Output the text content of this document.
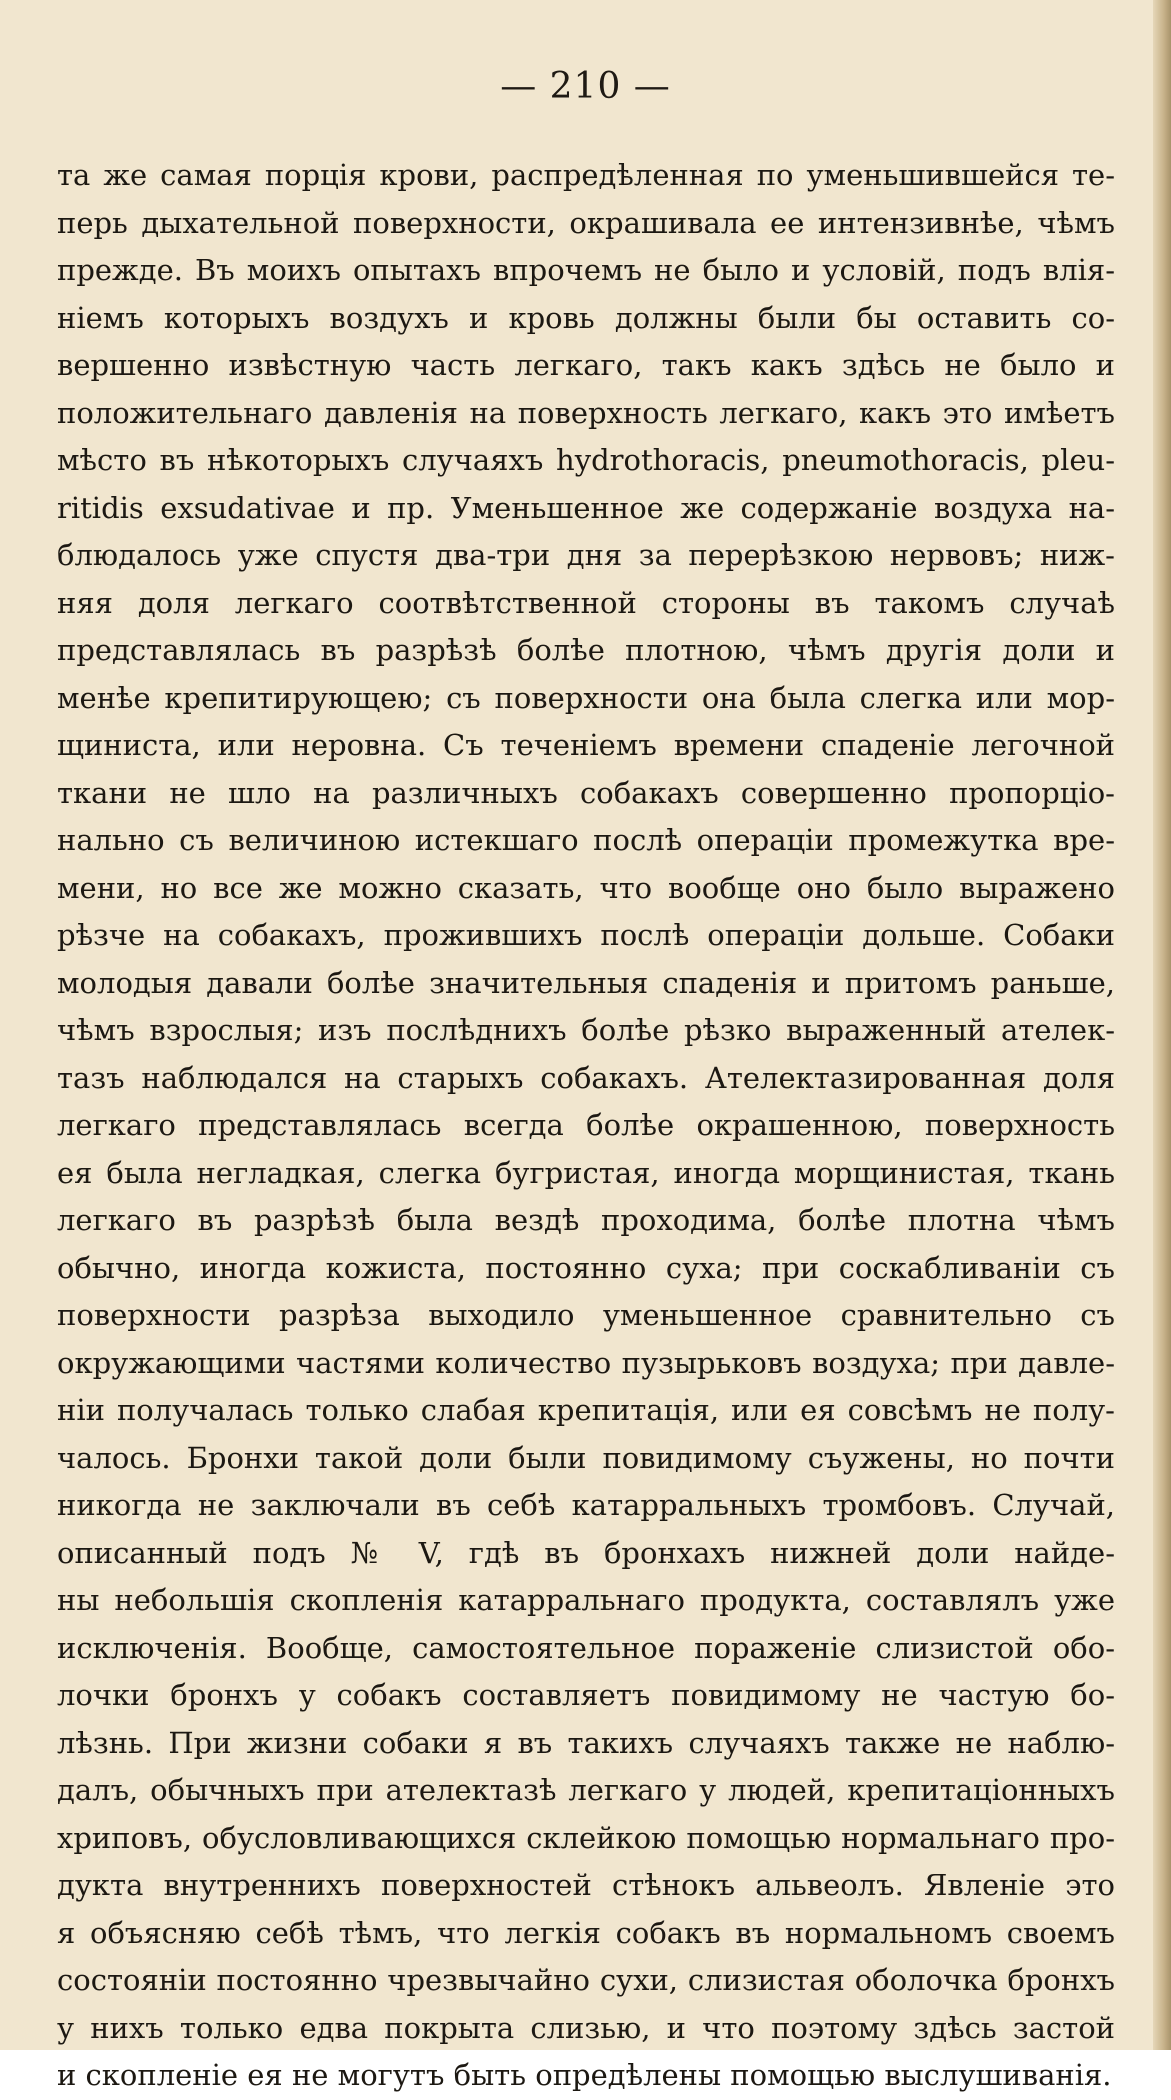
— 210 —
та же самая порція крови, распредѣленная по уменьшившейся те-
перь дыхательной поверхности, окрашивала ее интензивнѣе, чѣмъ
прежде. Въ моихъ опытахъ впрочемъ не было и условій, подъ влія-
ніемъ которыхъ воздухъ и кровь должны были бы оставить со-
вершенно извѣстную часть легкаго, такъ какъ здѣсь не было и
положительнаго давленія на поверхность легкаго, какъ это имѣетъ
мѣсто въ нѣкоторыхъ случаяхъ hydrothoracis, pneumothoracis, pleu-
ritidis exsudativae и пр. Уменьшенное же содержаніе воздуха на-
блюдалось уже спустя два-три дня за перерѣзкою нервовъ; ниж-
няя доля легкаго соотвѣтственной стороны въ такомъ случаѣ
представлялась въ разрѣзѣ болѣе плотною, чѣмъ другія доли и
менѣе крепитирующею; съ поверхности она была слегка или мор-
щиниста, или неровна. Съ теченіемъ времени спаденіе легочной
ткани не шло на различныхъ собакахъ совершенно пропорціо-
нально съ величиною истекшаго послѣ операціи промежутка вре-
мени, но все же можно сказать, что вообще оно было выражено
рѣзче на собакахъ, прожившихъ послѣ операціи дольше. Собаки
молодыя давали болѣе значительныя спаденія и притомъ раньше,
чѣмъ взрослыя; изъ послѣднихъ болѣе рѣзко выраженный ателек-
тазъ наблюдался на старыхъ собакахъ. Ателектазированная доля
легкаго представлялась всегда болѣе окрашенною, поверхность
ея была негладкая, слегка бугристая, иногда морщинистая, ткань
легкаго въ разрѣзѣ была вездѣ проходима, болѣе плотна чѣмъ
обычно, иногда кожиста, постоянно суха; при соскабливаніи съ
поверхности разрѣза выходило уменьшенное сравнительно съ
окружающими частями количество пузырьковъ воздуха; при давле-
ніи получалась только слабая крепитація, или ея совсѣмъ не полу-
чалось. Бронхи такой доли были повидимому съужены, но почти
никогда не заключали въ себѣ катарральныхъ тромбовъ. Случай,
описанный подъ № V, гдѣ въ бронхахъ нижней доли найде-
ны небольшія скопленія катарральнаго продукта, составлялъ уже
исключенія. Вообще, самостоятельное пораженіе слизистой обо-
лочки бронхъ у собакъ составляетъ повидимому не частую бо-
лѣзнь. При жизни собаки я въ такихъ случаяхъ также не наблю-
далъ, обычныхъ при ателектазѣ легкаго у людей, крепитаціонныхъ
хриповъ, обусловливающихся склейкою помощью нормальнаго про-
дукта внутреннихъ поверхностей стѣнокъ альвеолъ. Явленіе это
я объясняю себѣ тѣмъ, что легкія собакъ въ нормальномъ своемъ
состояніи постоянно чрезвычайно сухи, слизистая оболочка бронхъ
у нихъ только едва покрыта слизью, и что поэтому здѣсь застой
и скопленіе ея не могутъ быть опредѣлены помощью выслушиванія.
